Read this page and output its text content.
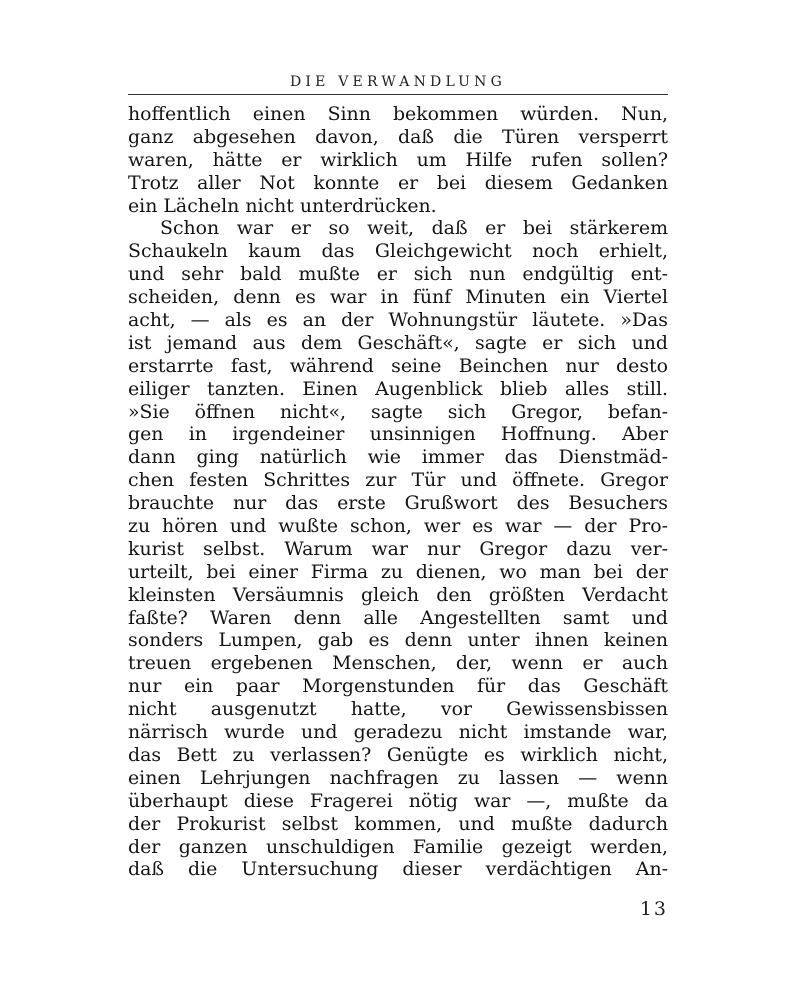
DIE VERWANDLUNG
hoffentlich einen Sinn bekommen würden. Nun,
ganz abgesehen davon, daß die Türen versperrt
waren, hätte er wirklich um Hilfe rufen sollen?
Trotz aller Not konnte er bei diesem Gedanken
ein Lächeln nicht unterdrücken.
Schon war er so weit, daß er bei stärkerem
Schaukeln kaum das Gleichgewicht noch erhielt,
und sehr bald mußte er sich nun endgültig ent-
scheiden, denn es war in fünf Minuten ein Viertel
acht, — als es an der Wohnungstür läutete. »Das
ist jemand aus dem Geschäft«, sagte er sich und
erstarrte fast, während seine Beinchen nur desto
eiliger tanzten. Einen Augenblick blieb alles still.
»Sie öffnen nicht«, sagte sich Gregor, befan-
gen in irgendeiner unsinnigen Hoffnung. Aber
dann ging natürlich wie immer das Dienstmäd-
chen festen Schrittes zur Tür und öffnete. Gregor
brauchte nur das erste Grußwort des Besuchers
zu hören und wußte schon, wer es war — der Pro-
kurist selbst. Warum war nur Gregor dazu ver-
urteilt, bei einer Firma zu dienen, wo man bei der
kleinsten Versäumnis gleich den größten Verdacht
faßte? Waren denn alle Angestellten samt und
sonders Lumpen, gab es denn unter ihnen keinen
treuen ergebenen Menschen, der, wenn er auch
nur ein paar Morgenstunden für das Geschäft
nicht ausgenutzt hatte, vor Gewissensbissen
närrisch wurde und geradezu nicht imstande war,
das Bett zu verlassen? Genügte es wirklich nicht,
einen Lehrjungen nachfragen zu lassen — wenn
überhaupt diese Fragerei nötig war —, mußte da
der Prokurist selbst kommen, und mußte dadurch
der ganzen unschuldigen Familie gezeigt werden,
daß die Untersuchung dieser verdächtigen An-
13
